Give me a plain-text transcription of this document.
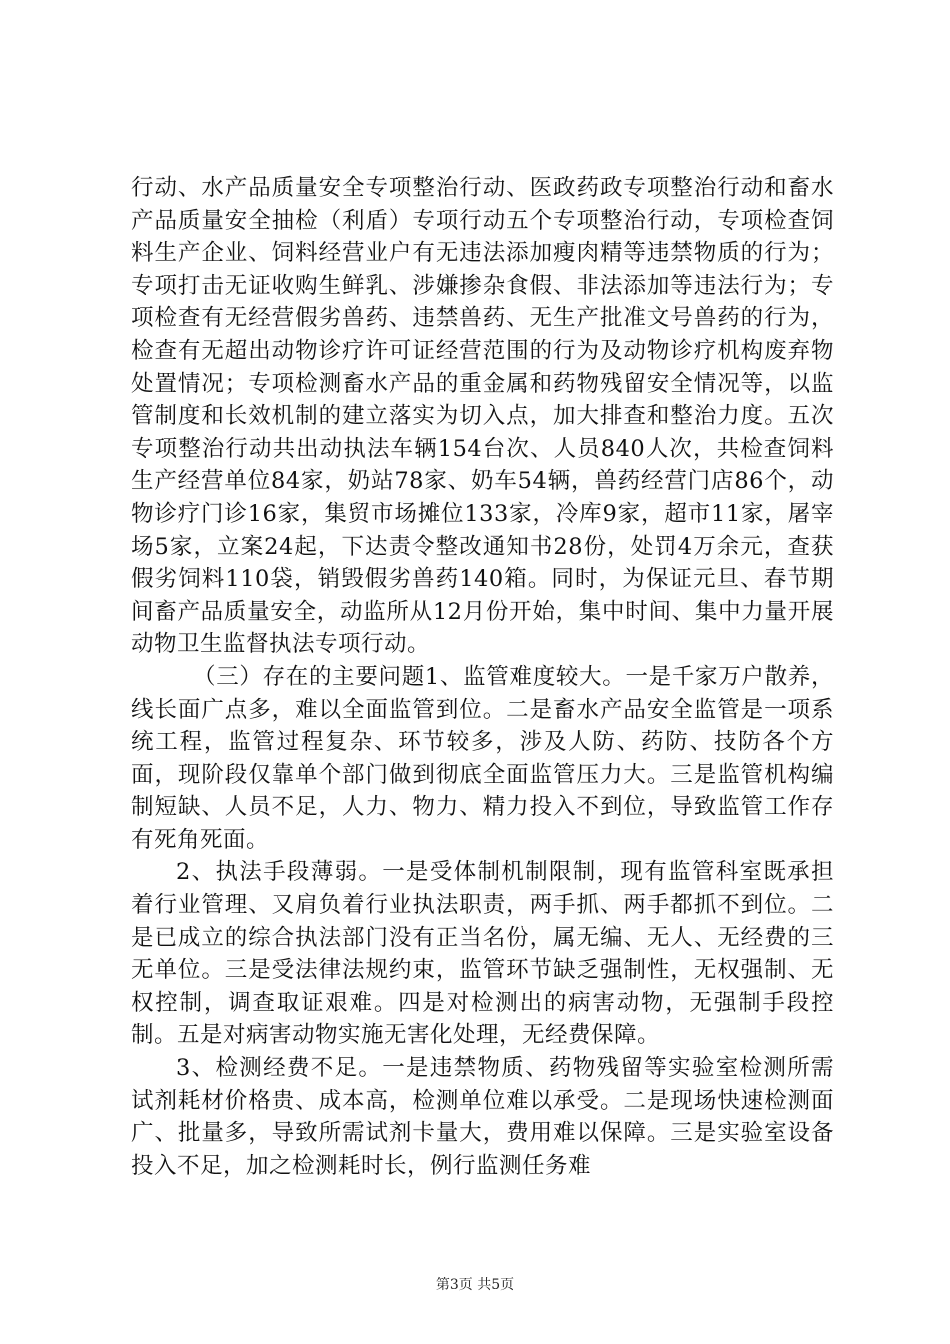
行动、水产品质量安全专项整治行动、医政药政专项整治行动和畜水产品质量安全抽检（利盾）专项行动五个专项整治行动，专项检查饲料生产企业、饲料经营业户有无违法添加瘦肉精等违禁物质的行为；专项打击无证收购生鲜乳、涉嫌掺杂食假、非法添加等违法行为；专项检查有无经营假劣兽药、违禁兽药、无生产批准文号兽药的行为，检查有无超出动物诊疗许可证经营范围的行为及动物诊疗机构废弃物处置情况；专项检测畜水产品的重金属和药物残留安全情况等，以监管制度和长效机制的建立落实为切入点，加大排查和整治力度。五次专项整治行动共出动执法车辆154台次、人员840人次，共检查饲料生产经营单位84家，奶站78家、奶车54辆，兽药经营门店86个，动物诊疗门诊16家，集贸市场摊位133家，冷库9家，超市11家，屠宰场5家，立案24起，下达责令整改通知书28份，处罚4万余元，查获假劣饲料110袋，销毁假劣兽药140箱。同时，为保证元旦、春节期间畜产品质量安全，动监所从12月份开始，集中时间、集中力量开展动物卫生监督执法专项行动。

（三）存在的主要问题1、监管难度较大。一是千家万户散养，线长面广点多，难以全面监管到位。二是畜水产品安全监管是一项系统工程，监管过程复杂、环节较多，涉及人防、药防、技防各个方面，现阶段仅靠单个部门做到彻底全面监管压力大。三是监管机构编制短缺、人员不足，人力、物力、精力投入不到位，导致监管工作存有死角死面。

2、执法手段薄弱。一是受体制机制限制，现有监管科室既承担着行业管理、又肩负着行业执法职责，两手抓、两手都抓不到位。二是已成立的综合执法部门没有正当名份，属无编、无人、无经费的三无单位。三是受法律法规约束，监管环节缺乏强制性，无权强制、无权控制，调查取证艰难。四是对检测出的病害动物，无强制手段控制。五是对病害动物实施无害化处理，无经费保障。

3、检测经费不足。一是违禁物质、药物残留等实验室检测所需试剂耗材价格贵、成本高，检测单位难以承受。二是现场快速检测面广、批量多，导致所需试剂卡量大，费用难以保障。三是实验室设备投入不足，加之检测耗时长，例行监测任务难

第3页 共5页
